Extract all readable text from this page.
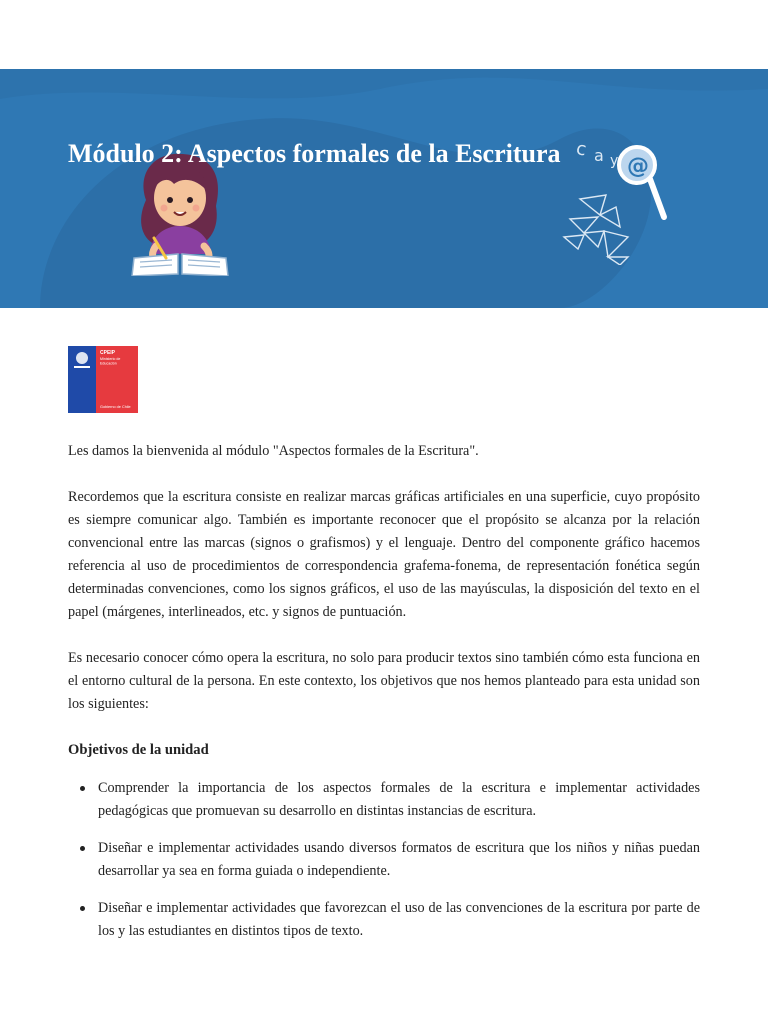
Módulo 2: Aspectos formales de la Escritura c a y @
CPEIP
Ministerio de
Educación
Gobierno de Chile

Les damos la bienvenida al módulo "Aspectos formales de la Escritura".

Recordemos que la escritura consiste en realizar marcas gráficas artificiales en una superficie, cuyo propósito es siempre comunicar algo. También es importante reconocer que el propósito se alcanza por la relación convencional entre las marcas (signos o grafismos) y el lenguaje. Dentro del componente gráfico hacemos referencia al uso de procedimientos de correspondencia grafema-fonema, de representación fonética según determinadas convenciones, como los signos gráficos, el uso de las mayúsculas, la disposición del texto en el papel (márgenes, interlineados, etc. y signos de puntuación.

Es necesario conocer cómo opera la escritura, no solo para producir textos sino también cómo esta funciona en el entorno cultural de la persona. En este contexto, los objetivos que nos hemos planteado para esta unidad son los siguientes:

Objetivos de la unidad
Comprender la importancia de los aspectos formales de la escritura e implementar actividades pedagógicas que promuevan su desarrollo en distintas instancias de escritura.
Diseñar e implementar actividades usando diversos formatos de escritura que los niños y niñas puedan desarrollar ya sea en forma guiada o independiente.
Diseñar e implementar actividades que favorezcan el uso de las convenciones de la escritura por parte de los y las estudiantes en distintos tipos de texto.
